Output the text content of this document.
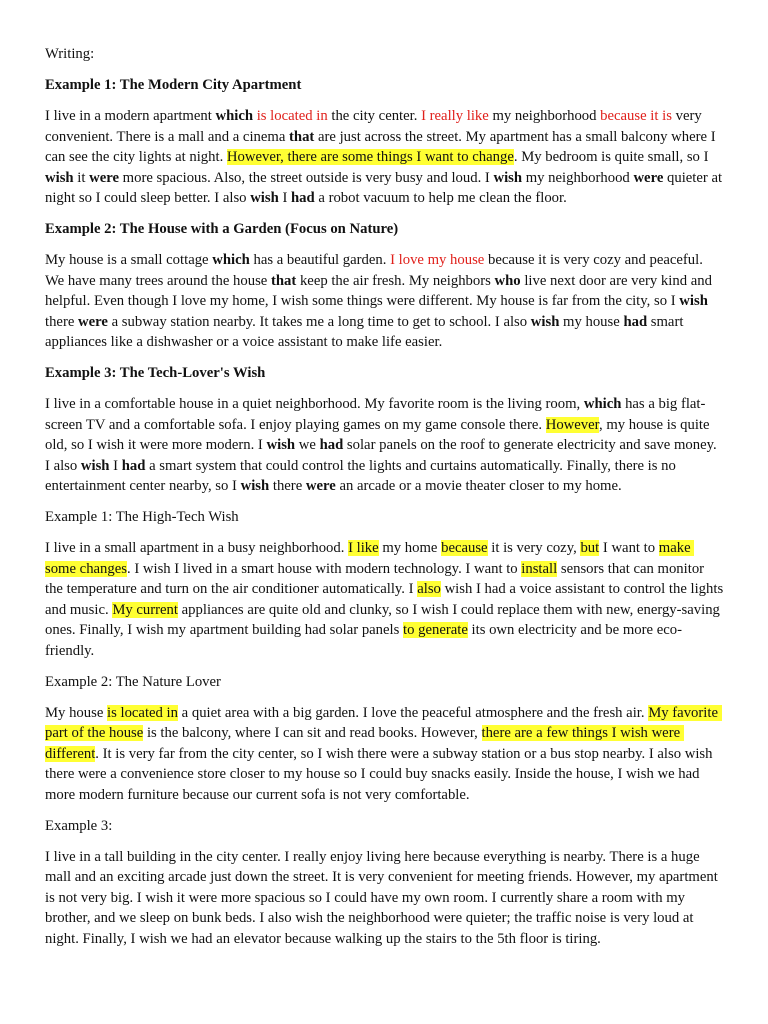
Writing:
Example 1: The Modern City Apartment
I live in a modern apartment which is located in the city center. I really like my neighborhood because it is very convenient. There is a mall and a cinema that are just across the street. My apartment has a small balcony where I can see the city lights at night. However, there are some things I want to change. My bedroom is quite small, so I wish it were more spacious. Also, the street outside is very busy and loud. I wish my neighborhood were quieter at night so I could sleep better. I also wish I had a robot vacuum to help me clean the floor.
Example 2: The House with a Garden (Focus on Nature)
My house is a small cottage which has a beautiful garden. I love my house because it is very cozy and peaceful. We have many trees around the house that keep the air fresh. My neighbors who live next door are very kind and helpful. Even though I love my home, I wish some things were different. My house is far from the city, so I wish there were a subway station nearby. It takes me a long time to get to school. I also wish my house had smart appliances like a dishwasher or a voice assistant to make life easier.
Example 3: The Tech-Lover's Wish
I live in a comfortable house in a quiet neighborhood. My favorite room is the living room, which has a big flat-screen TV and a comfortable sofa. I enjoy playing games on my game console there. However, my house is quite old, so I wish it were more modern. I wish we had solar panels on the roof to generate electricity and save money. I also wish I had a smart system that could control the lights and curtains automatically. Finally, there is no entertainment center nearby, so I wish there were an arcade or a movie theater closer to my home.
Example 1: The High-Tech Wish
I live in a small apartment in a busy neighborhood. I like my home because it is very cozy, but I want to make some changes. I wish I lived in a smart house with modern technology. I want to install sensors that can monitor the temperature and turn on the air conditioner automatically. I also wish I had a voice assistant to control the lights and music. My current appliances are quite old and clunky, so I wish I could replace them with new, energy-saving ones. Finally, I wish my apartment building had solar panels to generate its own electricity and be more eco-friendly.
Example 2: The Nature Lover
My house is located in a quiet area with a big garden. I love the peaceful atmosphere and the fresh air. My favorite part of the house is the balcony, where I can sit and read books. However, there are a few things I wish were different. It is very far from the city center, so I wish there were a subway station or a bus stop nearby. I also wish there were a convenience store closer to my house so I could buy snacks easily. Inside the house, I wish we had more modern furniture because our current sofa is not very comfortable.
Example 3:
I live in a tall building in the city center. I really enjoy living here because everything is nearby. There is a huge mall and an exciting arcade just down the street. It is very convenient for meeting friends. However, my apartment is not very big. I wish it were more spacious so I could have my own room. I currently share a room with my brother, and we sleep on bunk beds. I also wish the neighborhood were quieter; the traffic noise is very loud at night. Finally, I wish we had an elevator because walking up the stairs to the 5th floor is tiring.
